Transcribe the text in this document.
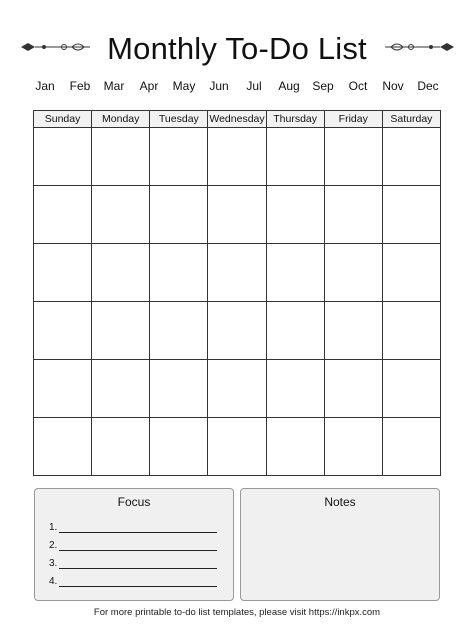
Monthly To-Do List
Jan	Feb	Mar	Apr	May	Jun	Jul	Aug	Sep	Oct	Nov	Dec
Sunday	Monday	Tuesday	Wednesday	Thursday	Friday	Saturday

Focus
1.
2.
3.
4.
Notes
For more printable to-do list templates, please visit https://inkpx.com
